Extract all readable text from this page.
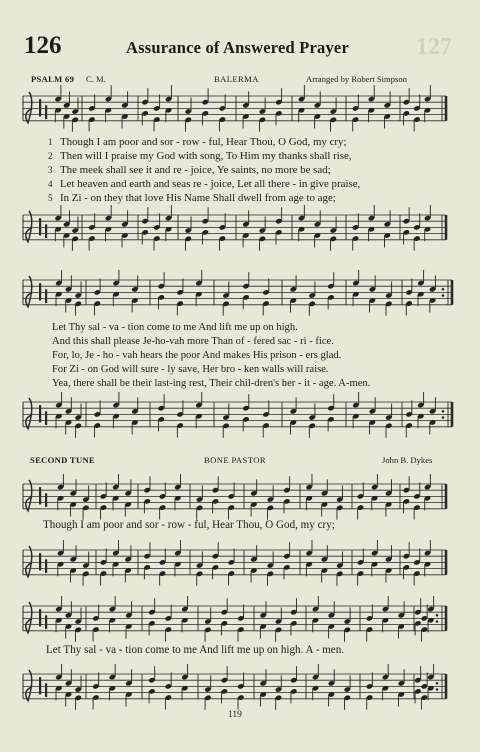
126	Assurance of Answered Prayer	127
PSALM 69 C. M.	BALERMA	Arranged by Robert Simpson
1 Though I am poor and sor - row - ful, Hear Thou, O God, my cry;
2 Then will I praise my God with song, To Him my thanks shall rise,
3 The meek shall see it and re - joice, Ye saints, no more be sad;
4 Let heaven and earth and seas re - joice, Let all there - in give praise,
5 In Zi - on they that love His Name Shall dwell from age to age;
Let Thy sal - va - tion come to me And lift me up on high.
And this shall please Je-ho-vah more Than of - fered sac - ri - fice.
For, lo, Je - ho - vah hears the poor And makes His prison - ers glad.
For Zi - on God will sure - ly save, Her bro - ken walls will raise.
Yea, there shall be their last-ing rest, Their chil-dren's her - it - age. A-men.
SECOND TUNE	BONE PASTOR	John B. Dykes
Though I am poor and sor - row - ful, Hear Thou, O God, my cry;
Let Thy sal - va - tion come to me And lift me up on high. A - men.
119
